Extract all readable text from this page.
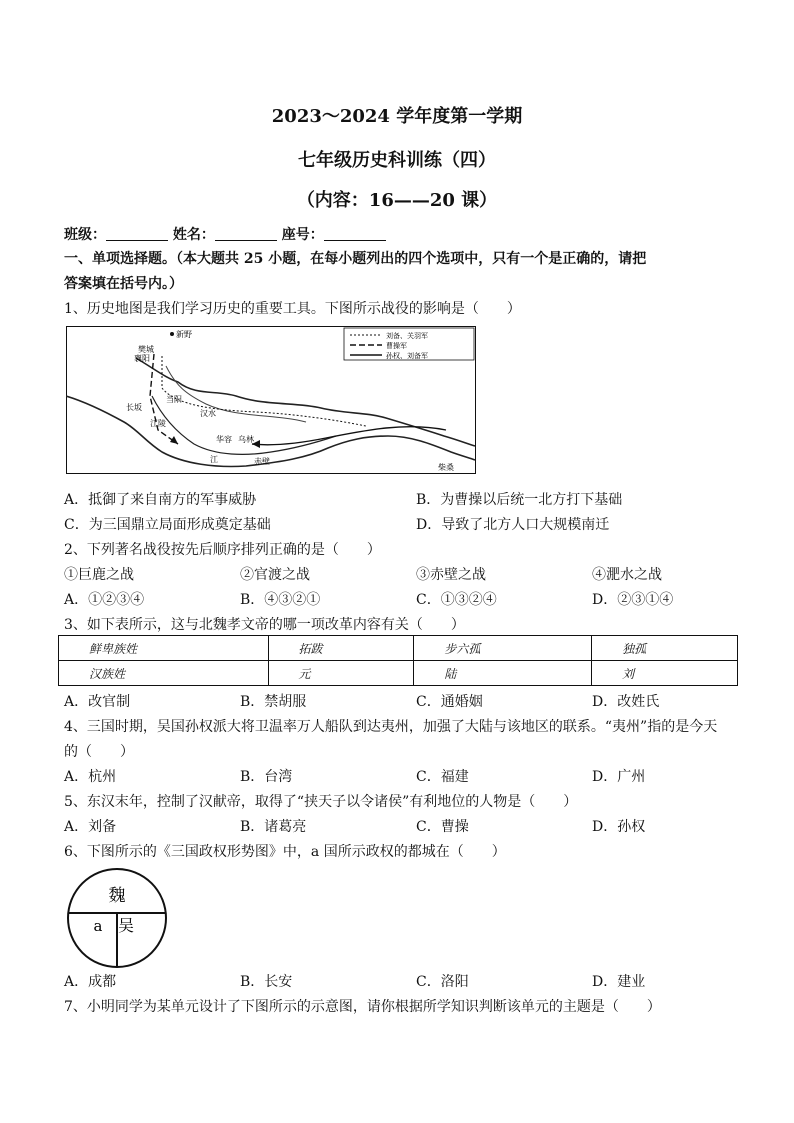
2023～2024 学年度第一学期
七年级历史科训练（四）
（内容：16——20 课）
班级：	姓名：	座号：
一、单项选择题。（本大题共 25 小题，在每小题列出的四个选项中，只有一个是正确的，请把
答案填在括号内。）
1、历史地图是我们学习历史的重要工具。下图所示战役的影响是（　　）
新野
樊城
襄阳
长坂
当阳
江陵
华容 乌林
赤壁
柴桑
江
汉水
刘备、关羽军
曹操军
孙权、刘备军
A．抵御了来自南方的军事威胁	B．为曹操以后统一北方打下基础
C．为三国鼎立局面形成奠定基础	D．导致了北方人口大规模南迁
2、下列著名战役按先后顺序排列正确的是（　　）
①巨鹿之战	②官渡之战	③赤壁之战	④淝水之战
A．①②③④	B．④③②①	C．①③②④	D．②③①④
3、如下表所示，这与北魏孝文帝的哪一项改革内容有关（　　）
鲜卑族姓	拓跋	步六孤	独孤
汉族姓	元	陆	刘
A．改官制	B．禁胡服	C．通婚姻	D．改姓氏
4、三国时期，吴国孙权派大将卫温率万人船队到达夷州，加强了大陆与该地区的联系。“夷州”指的是今天
的（　　）
A．杭州	B．台湾	C．福建	D．广州
5、东汉末年，控制了汉献帝，取得了“挟天子以令诸侯”有利地位的人物是（　　）
A．刘备	B．诸葛亮	C．曹操	D．孙权
6、下图所示的《三国政权形势图》中，a 国所示政权的都城在（　　）
魏
a 吴
A．成都	B．长安	C．洛阳	D．建业
7、小明同学为某单元设计了下图所示的示意图，请你根据所学知识判断该单元的主题是（　　）
